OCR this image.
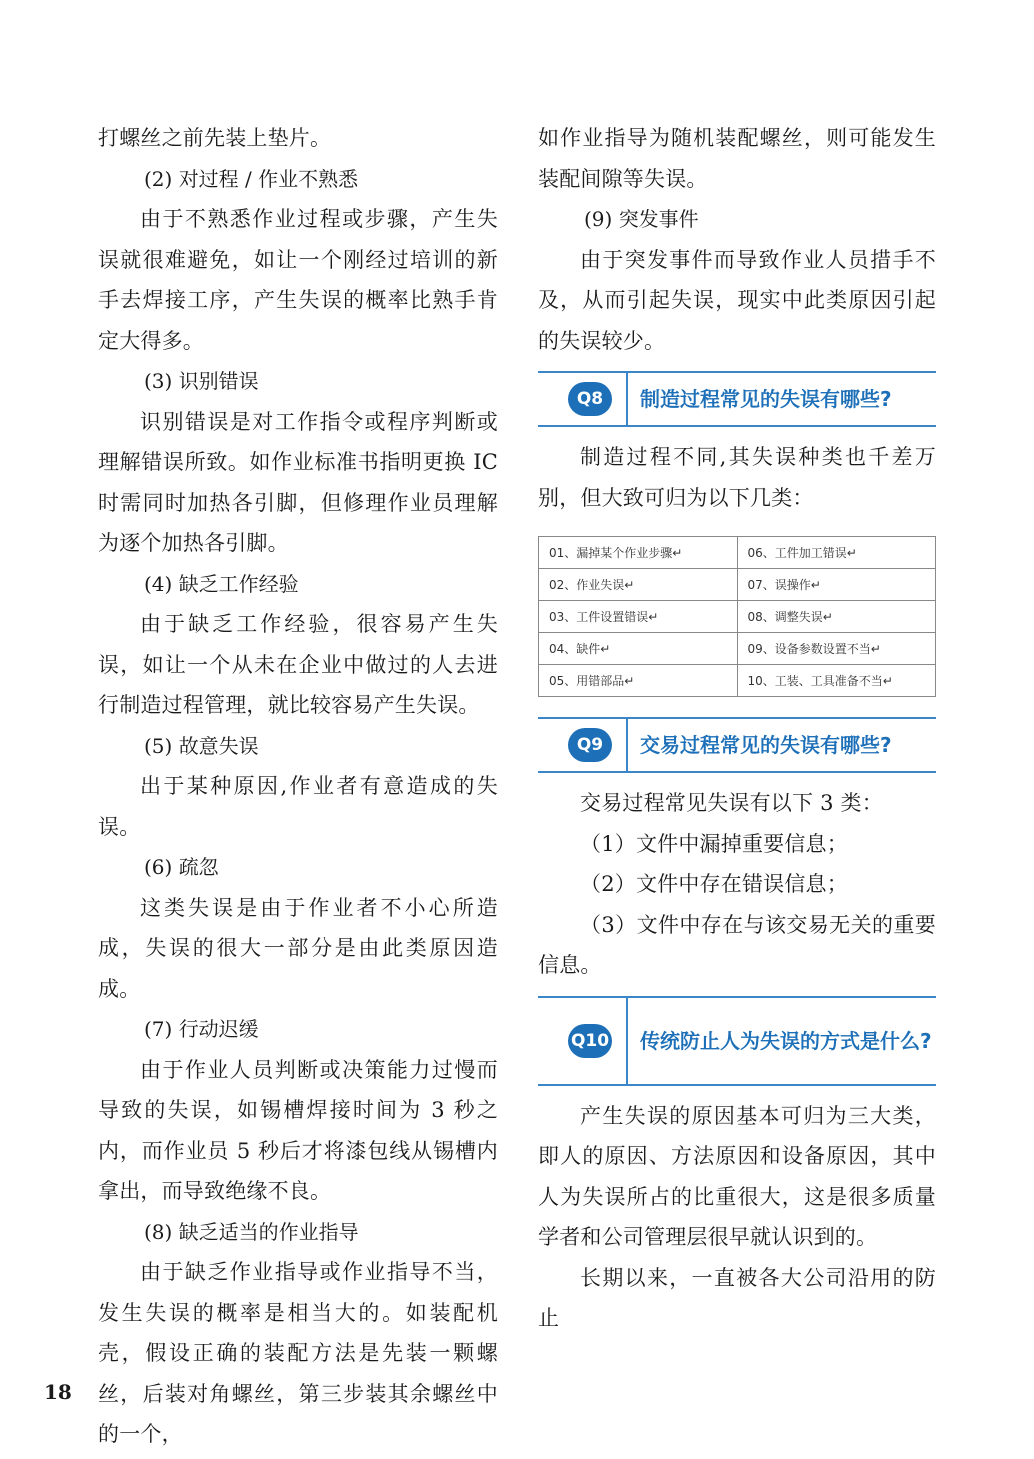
打螺丝之前先装上垫片。

(2) 对过程 / 作业不熟悉

由于不熟悉作业过程或步骤，产生失误就很难避免，如让一个刚经过培训的新手去焊接工序，产生失误的概率比熟手肯定大得多。

(3) 识别错误

识别错误是对工作指令或程序判断或理解错误所致。如作业标准书指明更换 IC 时需同时加热各引脚，但修理作业员理解为逐个加热各引脚。

(4) 缺乏工作经验

由于缺乏工作经验，很容易产生失误，如让一个从未在企业中做过的人去进行制造过程管理，就比较容易产生失误。

(5) 故意失误

出于某种原因,作业者有意造成的失误。

(6) 疏忽

这类失误是由于作业者不小心所造成，失误的很大一部分是由此类原因造成。

(7) 行动迟缓

由于作业人员判断或决策能力过慢而导致的失误，如锡槽焊接时间为 3 秒之内，而作业员 5 秒后才将漆包线从锡槽内拿出，而导致绝缘不良。

(8) 缺乏适当的作业指导

由于缺乏作业指导或作业指导不当，发生失误的概率是相当大的。如装配机壳，假设正确的装配方法是先装一颗螺丝，后装对角螺丝，第三步装其余螺丝中的一个，

如作业指导为随机装配螺丝，则可能发生装配间隙等失误。

(9) 突发事件

由于突发事件而导致作业人员措手不及，从而引起失误，现实中此类原因引起的失误较少。

Q8	制造过程常见的失误有哪些?

制造过程不同,其失误种类也千差万别，但大致可归为以下几类：

01、漏掉某个作业步骤↵	06、工件加工错误↵
02、作业失误↵	07、误操作↵
03、工件设置错误↵	08、调整失误↵
04、缺件↵	09、设备参数设置不当↵
05、用错部品↵	10、工装、工具准备不当↵
Q9	交易过程常见的失误有哪些?

交易过程常见失误有以下 3 类：

（1）文件中漏掉重要信息；

（2）文件中存在错误信息；

（3）文件中存在与该交易无关的重要信息。

Q10 传统防止人为失误的方式是什么?

产生失误的原因基本可归为三大类，即人的原因、方法原因和设备原因，其中人为失误所占的比重很大，这是很多质量学者和公司管理层很早就认识到的。

长期以来，一直被各大公司沿用的防止

18
